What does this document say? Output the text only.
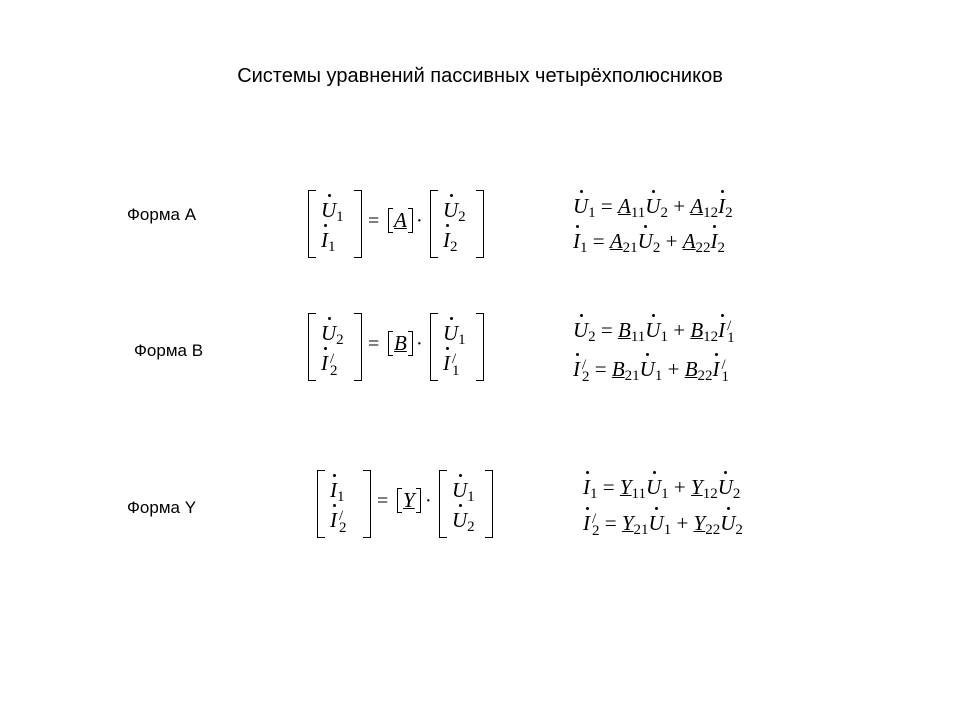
Системы уравнений пассивных четырёхполюсников
Форма A	U1
I1
= A · U2
I2
U1 = A11U2 + A12I2
I1 = A21U2 + A22I2
Форма B
U2
I /
2
= B · U1
I /
1
U2 = B11U1 + B12I /
1
I /
2 = B21U1 + B22I /
1
Форма Y
I1
I /
2
= Y · U1
U2
I1 = Y11U1 + Y12U2
I /
2 = Y21U1 + Y22U2
